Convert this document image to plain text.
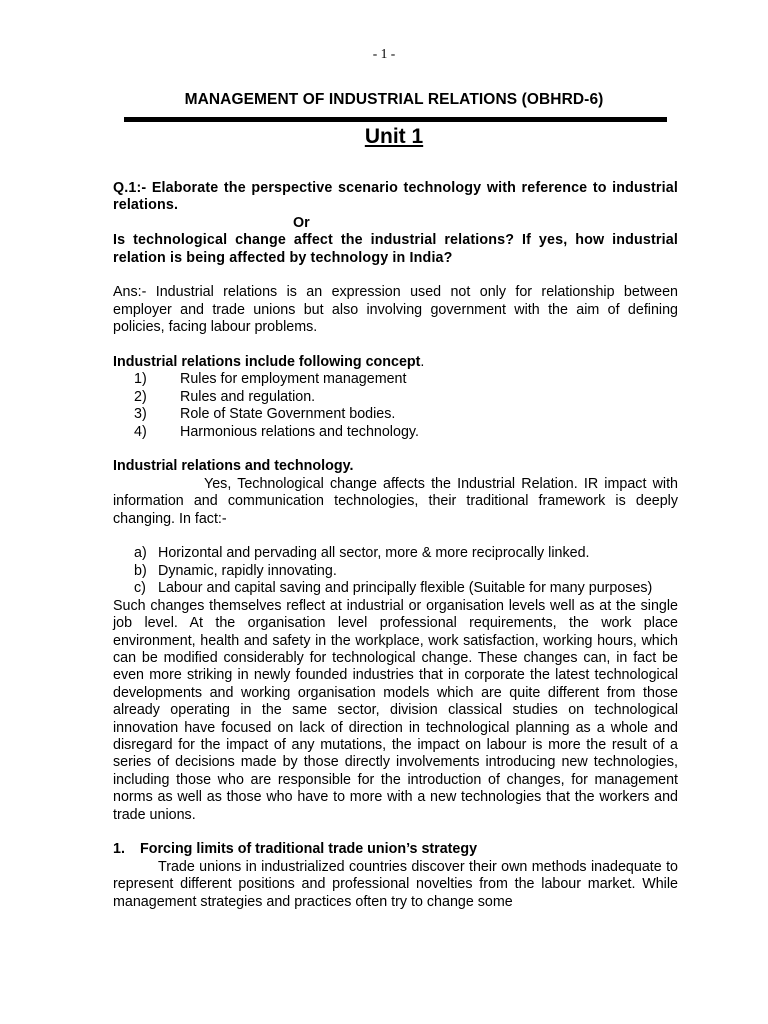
- 1 -
MANAGEMENT OF INDUSTRIAL RELATIONS (OBHRD-6)
Unit 1

Q.1:- Elaborate the perspective scenario technology with reference to industrial relations.

Or

Is technological change affect the industrial relations? If yes, how industrial relation is being affected by technology in India?

Ans:- Industrial relations is an expression used not only for relationship between employer and trade unions but also involving government with the aim of defining policies, facing labour problems.

Industrial relations include following concept.

1)	Rules for employment management
2)	Rules and regulation.
3)	Role of State Government bodies.
4)	Harmonious relations and technology.

Industrial relations and technology.

Yes, Technological change affects the Industrial Relation. IR impact with information and communication technologies, their traditional framework is deeply changing. In fact:-

a) Horizontal and pervading all sector, more & more reciprocally linked.
b) Dynamic, rapidly innovating.
c) Labour and capital saving and principally flexible (Suitable for many purposes)

Such changes themselves reflect at industrial or organisation levels well as at the single job level. At the organisation level professional requirements, the work place environment, health and safety in the workplace, work satisfaction, working hours, which can be modified considerably for technological change. These changes can, in fact be even more striking in newly founded industries that in corporate the latest technological developments and working organisation models which are quite different from those already operating in the same sector, division classical studies on technological innovation have focused on lack of direction in technological planning as a whole and disregard for the impact of any mutations, the impact on labour is more the result of a series of decisions made by those directly involvements introducing new technologies, including those who are responsible for the introduction of changes, for management norms as well as those who have to more with a new technologies that the workers and trade unions.

1.	Forcing limits of traditional trade union’s strategy

Trade unions in industrialized countries discover their own methods inadequate to represent different positions and professional novelties from the labour market. While management strategies and practices often try to change some
